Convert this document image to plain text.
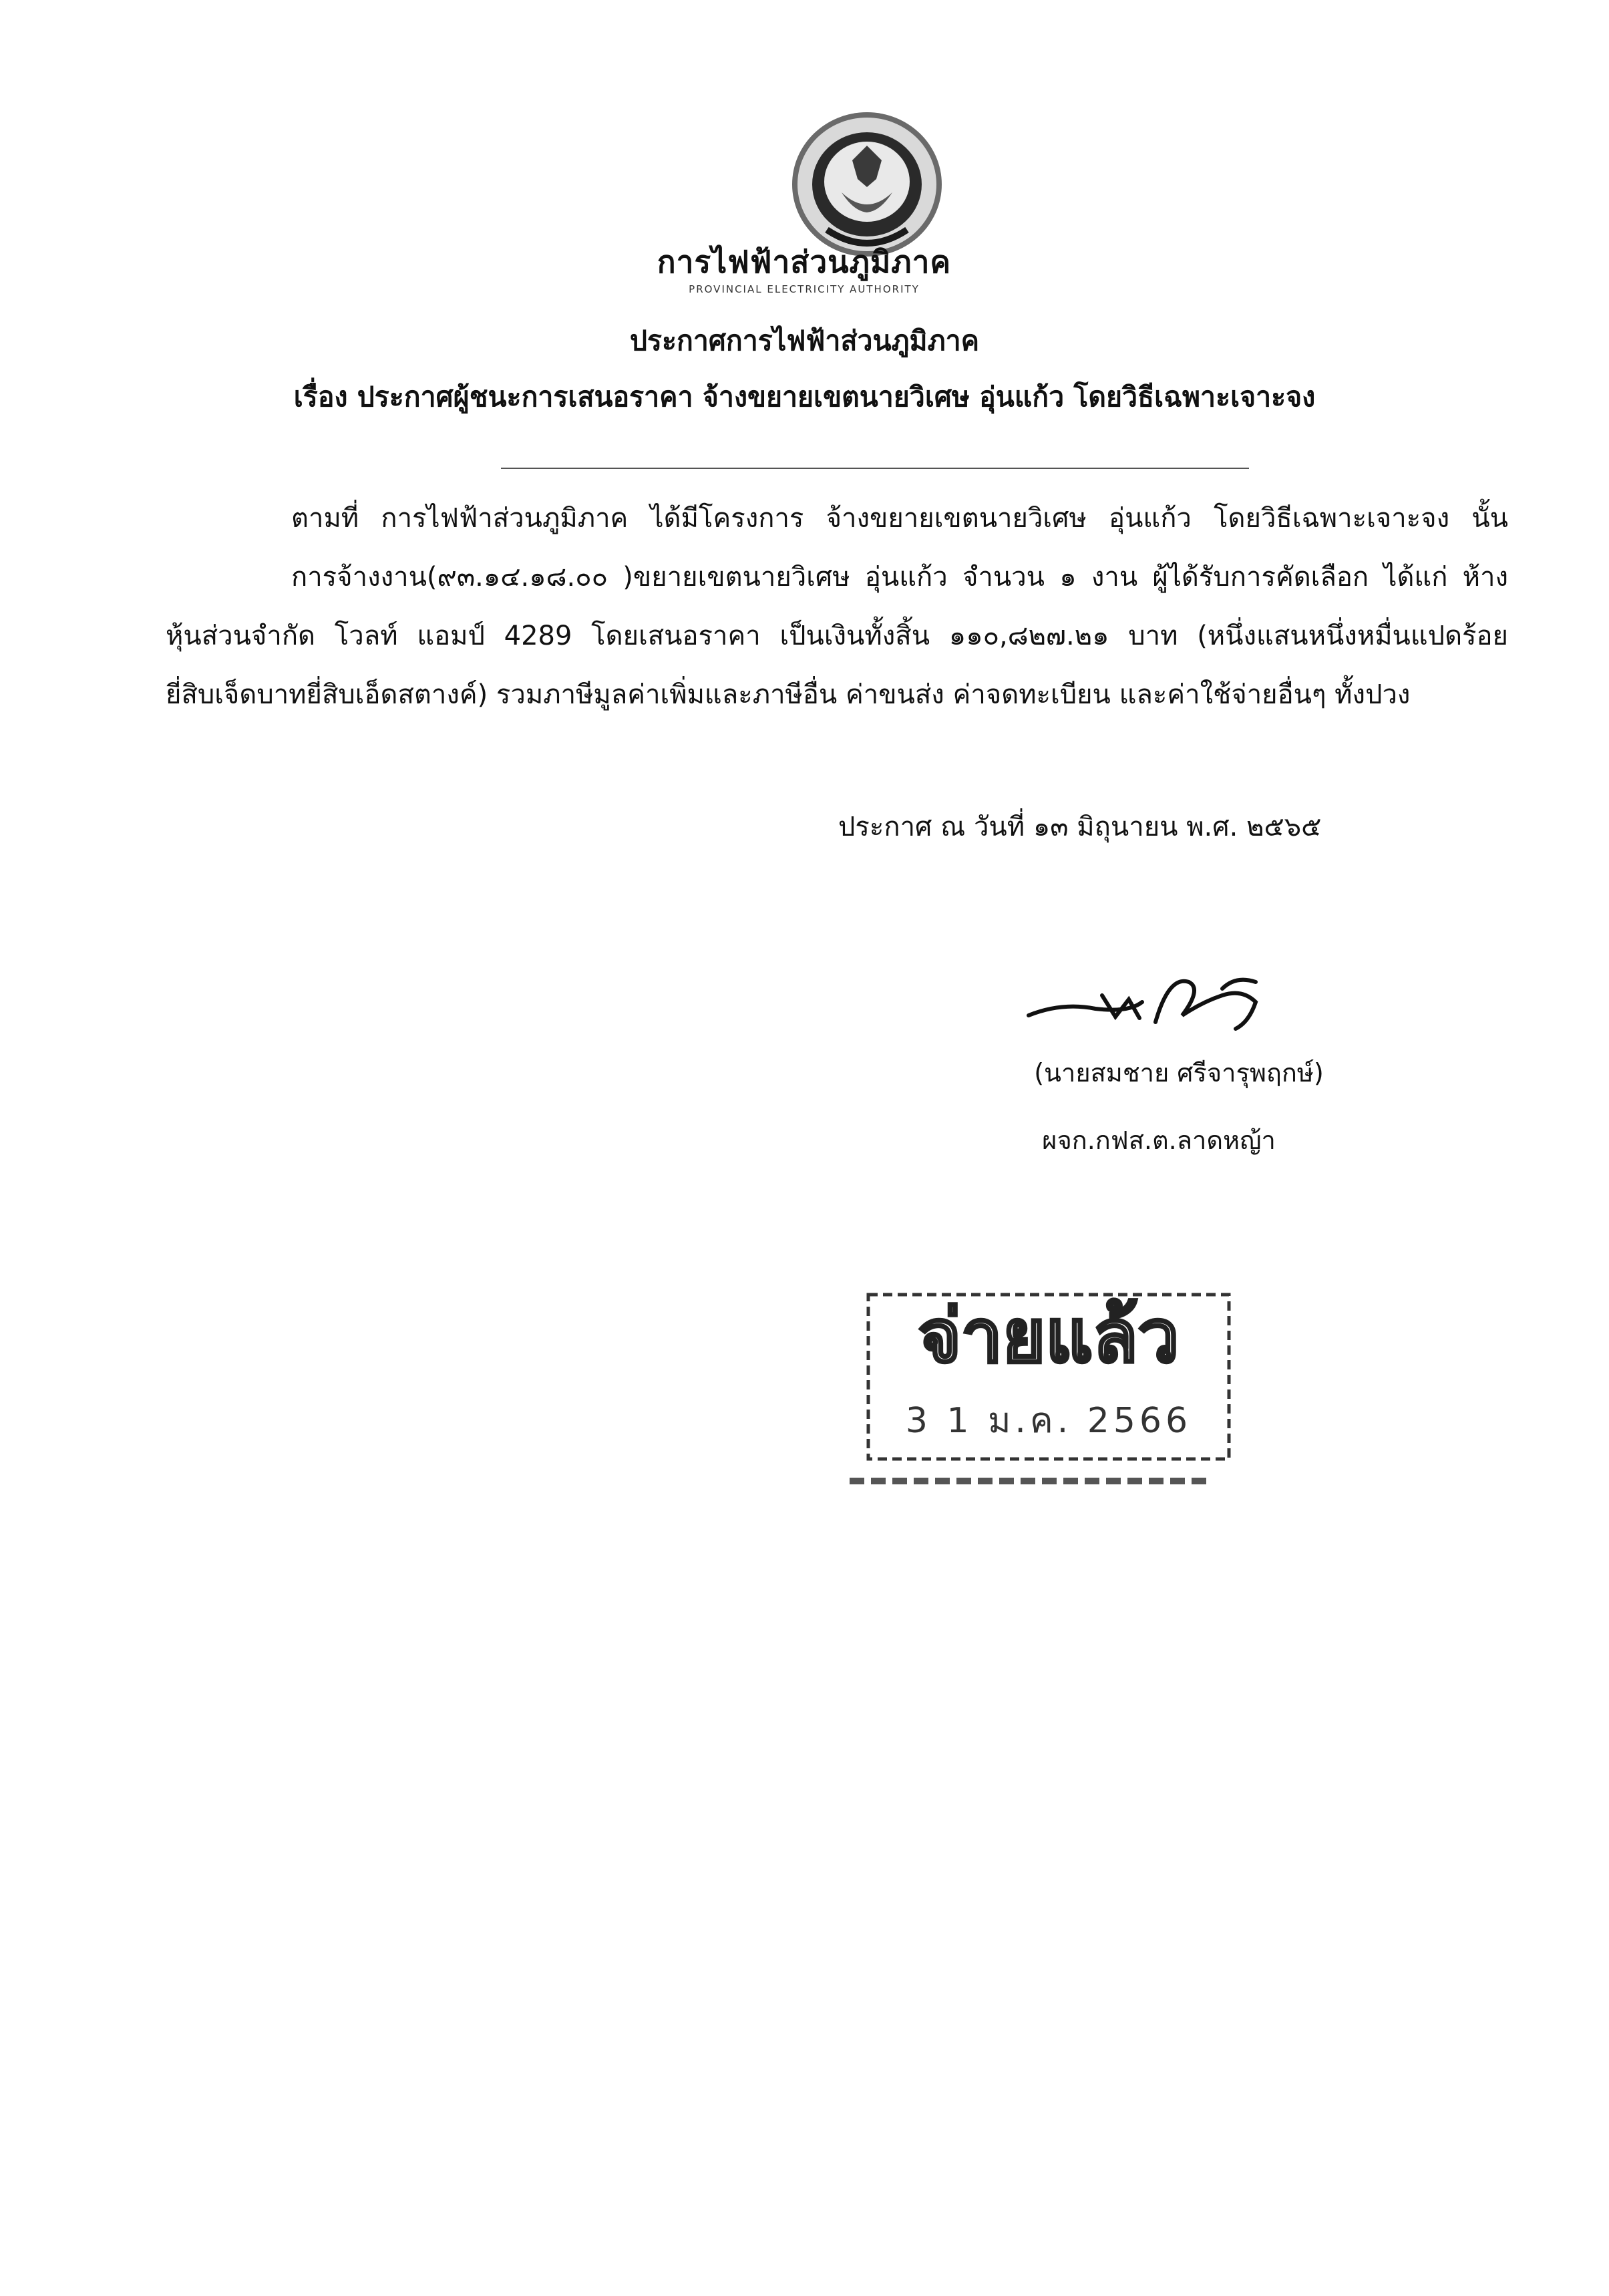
การไฟฟ้าส่วนภูมิภาค
PROVINCIAL ELECTRICITY AUTHORITY
ประกาศการไฟฟ้าส่วนภูมิภาค
เรื่อง ประกาศผู้ชนะการเสนอราคา จ้างขยายเขตนายวิเศษ อุ่นแก้ว โดยวิธีเฉพาะเจาะจง

ตามที่ การไฟฟ้าส่วนภูมิภาค ได้มีโครงการ จ้างขยายเขตนายวิเศษ อุ่นแก้ว โดยวิธีเฉพาะเจาะจง นั้น

การจ้างงาน(๙๓.๑๔.๑๘.๐๐ )ขยายเขตนายวิเศษ อุ่นแก้ว จำนวน ๑ งาน ผู้ได้รับการคัดเลือก ได้แก่ ห้าง

หุ้นส่วนจำกัด โวลท์ แอมป์ 4289 โดยเสนอราคา เป็นเงินทั้งสิ้น ๑๑๐,๘๒๗.๒๑ บาท (หนึ่งแสนหนึ่งหมื่นแปดร้อย

ยี่สิบเจ็ดบาทยี่สิบเอ็ดสตางค์) รวมภาษีมูลค่าเพิ่มและภาษีอื่น ค่าขนส่ง ค่าจดทะเบียน และค่าใช้จ่ายอื่นๆ ทั้งปวง

ประกาศ ณ วันที่ ๑๓ มิถุนายน พ.ศ. ๒๕๖๕
(นายสมชาย ศรีจารุพฤกษ์)
ผจก.กฟส.ต.ลาดหญ้า
จ่ายแล้ว
3 1 ม.ค. 2566
